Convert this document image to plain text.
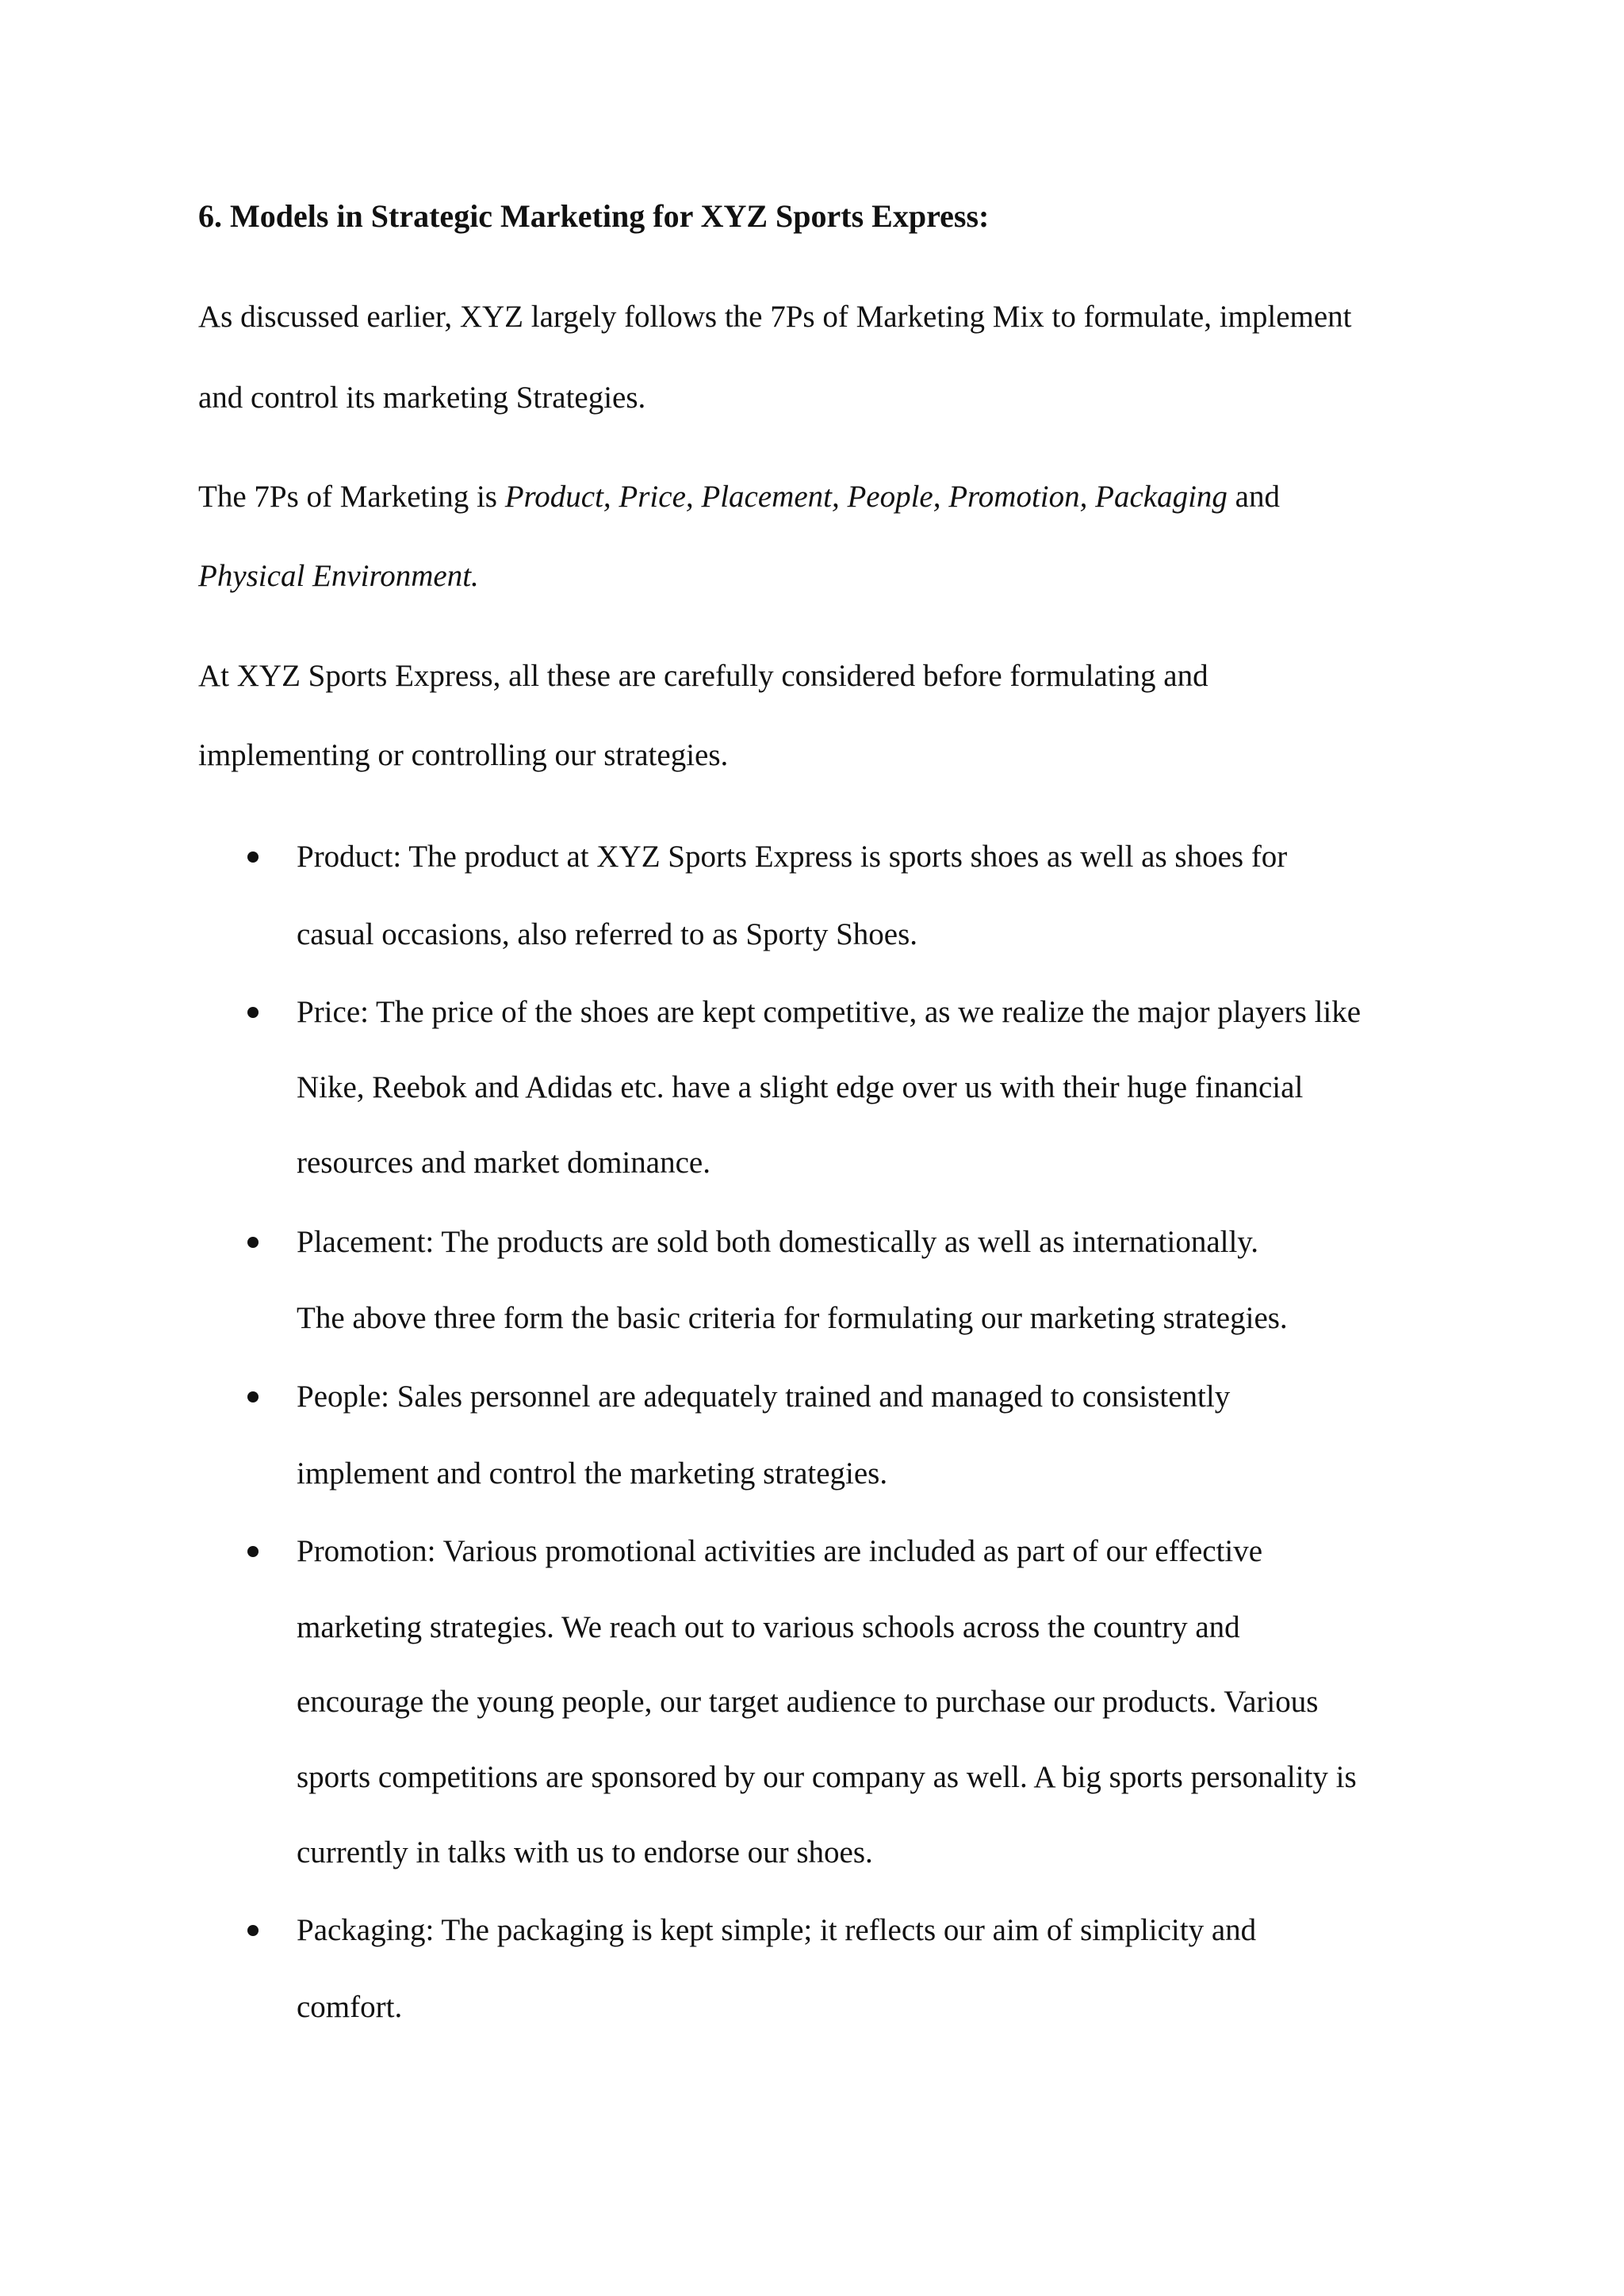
6. Models in Strategic Marketing for XYZ Sports Express:
As discussed earlier, XYZ largely follows the 7Ps of Marketing Mix to formulate, implement
and control its marketing Strategies.
The 7Ps of Marketing is Product, Price, Placement, People, Promotion, Packaging and
Physical Environment.
At XYZ Sports Express, all these are carefully considered before formulating and
implementing or controlling our strategies.
Product: The product at XYZ Sports Express is sports shoes as well as shoes for
casual occasions, also referred to as Sporty Shoes.
Price: The price of the shoes are kept competitive, as we realize the major players like
Nike, Reebok and Adidas etc. have a slight edge over us with their huge financial
resources and market dominance.
Placement: The products are sold both domestically as well as internationally.
The above three form the basic criteria for formulating our marketing strategies.
People: Sales personnel are adequately trained and managed to consistently
implement and control the marketing strategies.
Promotion: Various promotional activities are included as part of our effective
marketing strategies. We reach out to various schools across the country and
encourage the young people, our target audience to purchase our products. Various
sports competitions are sponsored by our company as well. A big sports personality is
currently in talks with us to endorse our shoes.
Packaging: The packaging is kept simple; it reflects our aim of simplicity and
comfort.
